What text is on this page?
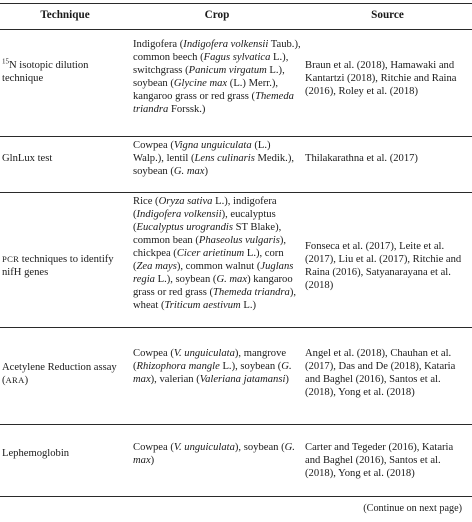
Technique	Crop	Source
$^{15}$N isotopic dilution technique
Indigofera (Indigofera volkensii Taub.), common beech (Fagus sylvatica L.), switchgrass (Panicum virgatum L.), soybean (Glycine max (L.) Merr.), kangaroo grass or red grass (Themeda triandra Forssk.)
Braun et al. (2018), Hamawaki and Kantartzi (2018), Ritchie and Raina (2016), Roley et al. (2018)
GlnLux test
Cowpea (Vigna unguiculata (L.) Walp.), lentil (Lens culinaris Medik.), soybean (G. max)
Thilakarathna et al. (2017)
PCR techniques to identify nifH genes
Rice (Oryza sativa L.), indigofera (Indigofera volkensii), eucalyptus (Eucalyptus urograndis ST Blake), common bean (Phaseolus vulgaris), chickpea (Cicer arietinum L.), corn (Zea mays), common walnut (Juglans regia L.), soybean (G. max) kangaroo grass or red grass (Themeda triandra), wheat (Triticum aestivum L.)
Fonseca et al. (2017), Leite et al. (2017), Liu et al. (2017), Ritchie and Raina (2016), Satyanarayana et al. (2018)
Acetylene Reduction assay (ARA)
Cowpea (V. unguiculata), mangrove (Rhizophora mangle L.), soybean (G. max), valerian (Valeriana jatamansi)
Angel et al. (2018), Chauhan et al. (2017), Das and De (2018), Kataria and Baghel (2016), Santos et al. (2018), Yong et al. (2018)
Lephemoglobin
Cowpea (V. unguiculata), soybean (G. max)
Carter and Tegeder (2016), Kataria and Baghel (2016), Santos et al. (2018), Yong et al. (2018)
(Continue on next page)
